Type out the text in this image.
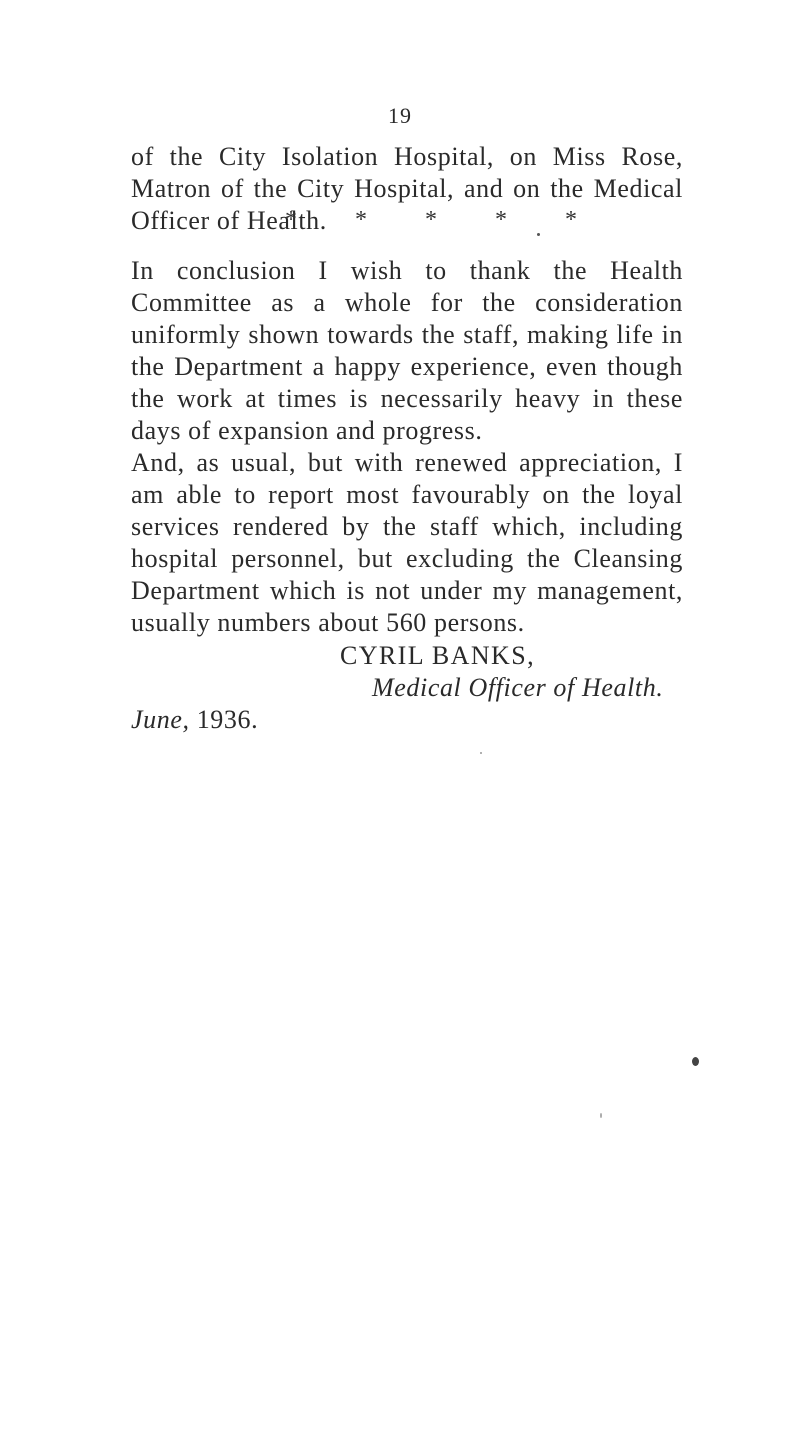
19

of the City Isolation Hospital, on Miss Rose, Matron of the City Hospital, and on the Medical Officer of Health.

* * * * *

In conclusion I wish to thank the Health Committee as a whole for the consideration uniformly shown towards the staff, making life in the Department a happy experience, even though the work at times is necessarily heavy in these days of expansion and progress.

And, as usual, but with renewed appreciation, I am able to report most favourably on the loyal services rendered by the staff which, including hospital personnel, but excluding the Cleansing Department which is not under my management, usually numbers about 560 persons.

CYRIL BANKS,
Medical Officer of Health.
June, 1936.
